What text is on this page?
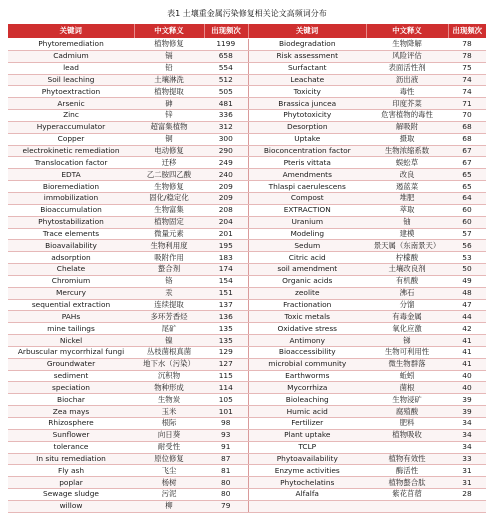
表1 土壤重金属污染修复相关论文高频词分布
关键词	中文释义	出现频次	关键词	中文释义	出现频次
Phytoremediation	植物修复	1199	Biodegradation	生物降解	78
Cadmium	镉	658	Risk assessment	风险评估	78
lead	铅	554	Surfactant	表面活性剂	75
Soil leaching	土壤淋洗	512	Leachate	沥出液	74
Phytoextraction	植物提取	505	Toxicity	毒性	74
Arsenic	砷	481	Brassica juncea	印度芥菜	71
Zinc	锌	336	Phytotoxicity	危害植物的毒性	70
Hyperaccumulator	超富集植物	312	Desorption	解吸附	68
Copper	铜	300	Uptake	摄取	68
electrokinetic remediation	电动修复	290	Bioconcentration factor	生物浓缩系数	67
Translocation factor	迁移	249	Pteris vittata	蜈蚣草	67
EDTA	乙二胺四乙酸	240	Amendments	改良	65
Bioremediation	生物修复	209	Thlaspi caerulescens	遏蓝菜	65
immobilization	固化/稳定化	209	Compost	堆肥	64
Bioaccumulation	生物富集	208	EXTRACTION	萃取	60
Phytostabilization	植物固定	204	Uranium	铀	60
Trace elements	微量元素	201	Modeling	建模	57
Bioavailability	生物利用度	195	Sedum	景天属（东南景天）	56
adsorption	吸附作用	183	Citric acid	柠檬酸	53
Chelate	螯合剂	174	soil amendment	土壤改良剂	50
Chromium	铬	154	Organic acids	有机酸	49
Mercury	汞	151	zeolite	沸石	48
sequential extraction	连续提取	137	Fractionation	分馏	47
PAHs	多环芳香烃	136	Toxic metals	有毒金属	44
mine tailings	尾矿	135	Oxidative stress	氧化应激	42
Nickel	镍	135	Antimony	锑	41
Arbuscular mycorrhizal fungi	丛枝菌根真菌	129	Bioaccessibility	生物可利用性	41
Groundwater	地下水（污染）	127	microbial community	微生物群落	41
sediment	沉积物	115	Earthworms	蚯蚓	40
speciation	物种形成	114	Mycorrhiza	菌根	40
Biochar	生物炭	105	Bioleaching	生物浸矿	39
Zea mays	玉米	101	Humic acid	腐殖酸	39
Rhizosphere	根际	98	Fertilizer	肥料	34
Sunflower	向日葵	93	Plant uptake	植物吸收	34
tolerance	耐受性	91	TCLP		34
In situ remediation	原位修复	87	Phytoavailability	植物有效性	33
Fly ash	飞尘	81	Enzyme activities	酶活性	31
poplar	杨树	80	Phytochelatins	植物螯合肽	31
Sewage sludge	污泥	80	Alfalfa	紫花苜蓿	28
willow	柳	79			
